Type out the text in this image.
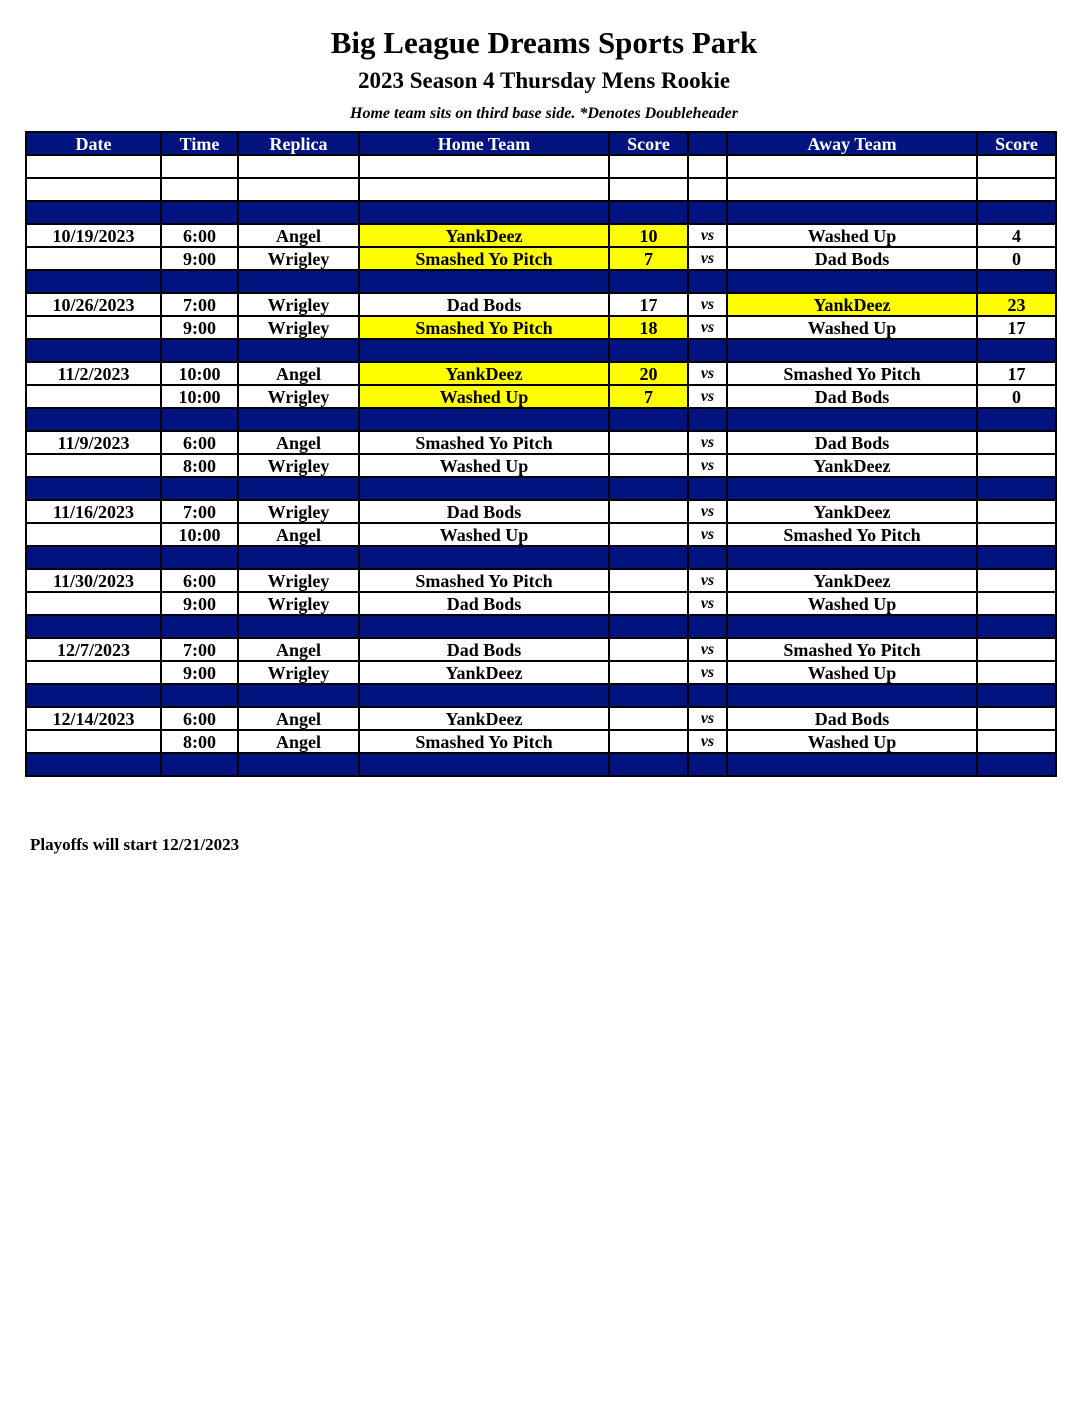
Big League Dreams Sports Park
2023 Season 4 Thursday Mens Rookie

Home team sits on third base side. *Denotes Doubleheader

Date	Time	Replica	Home Team	Score		Away Team	Score

10/19/2023	6:00	Angel	YankDeez	10	vs	Washed Up	4
	9:00	Wrigley	Smashed Yo Pitch	7	vs	Dad Bods	0

10/26/2023	7:00	Wrigley	Dad Bods	17	vs	YankDeez	23
	9:00	Wrigley	Smashed Yo Pitch	18	vs	Washed Up	17

11/2/2023	10:00	Angel	YankDeez	20	vs	Smashed Yo Pitch	17
	10:00	Wrigley	Washed Up	7	vs	Dad Bods	0

11/9/2023	6:00	Angel	Smashed Yo Pitch		vs	Dad Bods	
	8:00	Wrigley	Washed Up		vs	YankDeez	

11/16/2023	7:00	Wrigley	Dad Bods		vs	YankDeez	
	10:00	Angel	Washed Up		vs	Smashed Yo Pitch	

11/30/2023	6:00	Wrigley	Smashed Yo Pitch		vs	YankDeez	
	9:00	Wrigley	Dad Bods		vs	Washed Up	

12/7/2023	7:00	Angel	Dad Bods		vs	Smashed Yo Pitch	
	9:00	Wrigley	YankDeez		vs	Washed Up	

12/14/2023	6:00	Angel	YankDeez		vs	Dad Bods	
	8:00	Angel	Smashed Yo Pitch		vs	Washed Up	

Playoffs will start 12/21/2023
